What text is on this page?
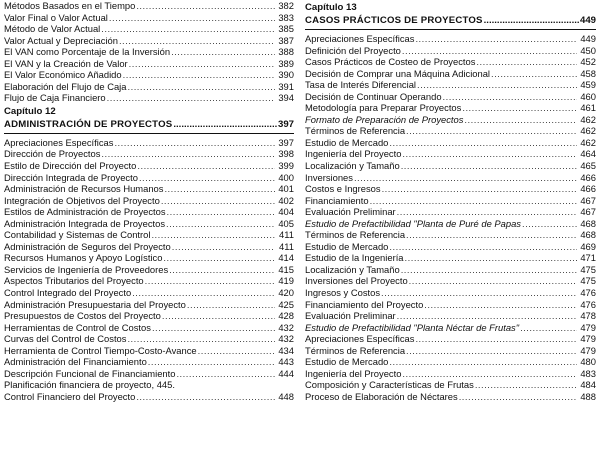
Métodos Basados en el Tiempo .....	382
Valor Final o Valor Actual .....	383
Método de Valor Actual .....	385
Valor Actual y Depreciación .....	387
El VAN como Porcentaje de la Inversión .....	388
El VAN y la Creación de Valor .....	389
El Valor Económico Añadido .....	390
Elaboración del Flujo de Caja .....	391
Flujo de Caja Financiero .....	394
Capítulo 12
ADMINISTRACIÓN DE PROYECTOS .....	397
Apreciaciones Específicas .....	397
Dirección de Proyectos .....	398
Estilo de Dirección del Proyecto .....	399
Dirección Integrada de Proyecto .....	400
Administración de Recursos Humanos .....	401
Integración de Objetivos del Proyecto .....	402
Estilos de Administración de Proyectos .....	404
Administración Integrada de Proyectos .....	405
Contabilidad y Sistemas de Control .....	411
Administración de Seguros del Proyecto .....	411
Recursos Humanos y Apoyo Logístico .....	414
Servicios de Ingeniería de Proveedores .....	415
Aspectos Tributarios del Proyecto .....	419
Control Integrado del Proyecto .....	420
Administración Presupuestaria del Proyecto .....	425
Presupuestos de Costos del Proyecto .....	428
Herramientas de Control de Costos .....	432
Curvas del Control de Costos .....	432
Herramienta de Control Tiempo-Costo-Avance .....	434
Administración del Financiamiento .....	443
Descripción Funcional de Financiamiento .....	444
Planificación financiera de proyecto, 445.
Control Financiero del Proyecto .....	448
Capítulo 13
CASOS PRÁCTICOS DE PROYECTOS .....	449
Apreciaciones Específicas .....	449
Definición del Proyecto .....	450
Casos Prácticos de Costeo de Proyectos .....	452
Decisión de Comprar una Máquina Adicional .....	458
Tasa de Interés Diferencial .....	459
Decisión de Continuar Operando .....	460
Metodología para Preparar Proyectos .....	461
Formato de Preparación de Proyectos .....	462
Términos de Referencia .....	462
Estudio de Mercado .....	462
Ingeniería del Proyecto .....	464
Localización y Tamaño .....	465
Inversiones .....	466
Costos e Ingresos .....	466
Financiamiento .....	467
Evaluación Preliminar .....	467
Estudio de Prefactibilidad "Planta de Puré de Papas .....	468
Términos de Referencia .....	468
Estudio de Mercado .....	469
Estudio de la Ingeniería .....	471
Localización y Tamaño .....	475
Inversiones del Proyecto .....	475
Ingresos y Costos .....	476
Financiamiento del Proyecto .....	476
Evaluación Preliminar .....	478
Estudio de Prefactibilidad "Planta Néctar de Frutas" .....	479
Apreciaciones Específicas .....	479
Términos de Referencia .....	479
Estudio de Mercado .....	480
Ingeniería del Proyecto .....	483
Composición y Características de Frutas .....	484
Proceso de Elaboración de Néctares .....	488
